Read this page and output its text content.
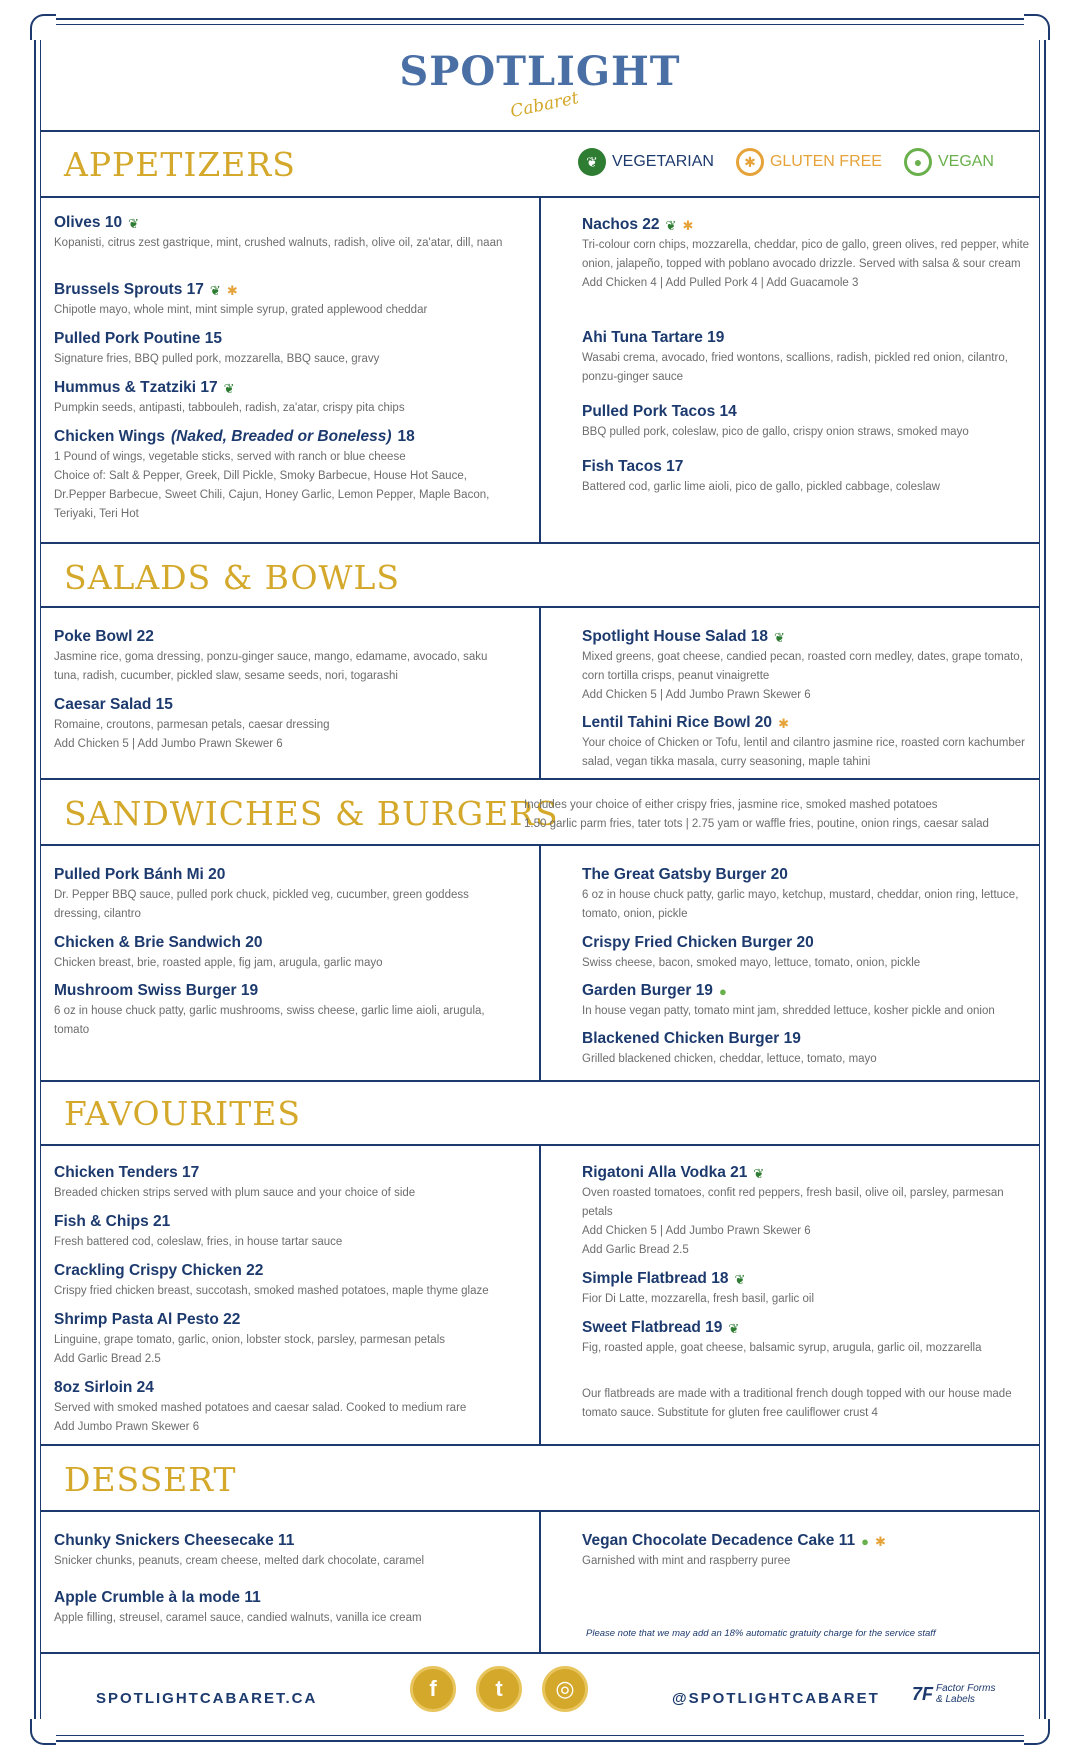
SPOTLIGHT
Cabaret
APPETIZERS
SALADS & BOWLS
SANDWICHES & BURGERS
FAVOURITES
DESSERT
❦ VEGETARIAN	✱ GLUTEN FREE	● VEGAN
Olives 10 ❦
Kopanisti, citrus zest gastrique, mint, crushed walnuts, radish, olive oil, za'atar, dill, naan
Brussels Sprouts 17 ❦ ✱
Chipotle mayo, whole mint, mint simple syrup, grated applewood cheddar
Pulled Pork Poutine 15
Signature fries, BBQ pulled pork, mozzarella, BBQ sauce, gravy
Hummus & Tzatziki 17 ❦
Pumpkin seeds, antipasti, tabbouleh, radish, za'atar, crispy pita chips
Chicken Wings (Naked, Breaded or Boneless) 18
1 Pound of wings, vegetable sticks, served with ranch or blue cheese
Choice of: Salt & Pepper, Greek, Dill Pickle, Smoky Barbecue, House Hot Sauce, Dr.Pepper Barbecue, Sweet Chili, Cajun, Honey Garlic, Lemon Pepper, Maple Bacon, Teriyaki, Teri Hot
Nachos 22 ❦ ✱
Tri-colour corn chips, mozzarella, cheddar, pico de gallo, green olives, red pepper, white onion, jalapeño, topped with poblano avocado drizzle. Served with salsa & sour cream
Add Chicken 4 | Add Pulled Pork 4 | Add Guacamole 3
Ahi Tuna Tartare 19
Wasabi crema, avocado, fried wontons, scallions, radish, pickled red onion, cilantro, ponzu-ginger sauce
Pulled Pork Tacos 14
BBQ pulled pork, coleslaw, pico de gallo, crispy onion straws, smoked mayo
Fish Tacos 17
Battered cod, garlic lime aioli, pico de gallo, pickled cabbage, coleslaw
Poke Bowl 22
Jasmine rice, goma dressing, ponzu-ginger sauce, mango, edamame, avocado, saku tuna, radish, cucumber, pickled slaw, sesame seeds, nori, togarashi
Caesar Salad 15
Romaine, croutons, parmesan petals, caesar dressing
Add Chicken 5 | Add Jumbo Prawn Skewer 6
Spotlight House Salad 18 ❦
Mixed greens, goat cheese, candied pecan, roasted corn medley, dates, grape tomato, corn tortilla crisps, peanut vinaigrette
Add Chicken 5 | Add Jumbo Prawn Skewer 6
Lentil Tahini Rice Bowl 20 ✱
Your choice of Chicken or Tofu, lentil and cilantro jasmine rice, roasted corn kachumber salad, vegan tikka masala, curry seasoning, maple tahini
Includes your choice of either crispy fries, jasmine rice, smoked mashed potatoes
1.50 garlic parm fries, tater tots | 2.75 yam or waffle fries, poutine, onion rings, caesar salad
Pulled Pork Bánh Mi 20
Dr. Pepper BBQ sauce, pulled pork chuck, pickled veg, cucumber, green goddess dressing, cilantro
Chicken & Brie Sandwich 20
Chicken breast, brie, roasted apple, fig jam, arugula, garlic mayo
Mushroom Swiss Burger 19
6 oz in house chuck patty, garlic mushrooms, swiss cheese, garlic lime aioli, arugula, tomato
The Great Gatsby Burger 20
6 oz in house chuck patty, garlic mayo, ketchup, mustard, cheddar, onion ring, lettuce, tomato, onion, pickle
Crispy Fried Chicken Burger 20
Swiss cheese, bacon, smoked mayo, lettuce, tomato, onion, pickle
Garden Burger 19 ●
In house vegan patty, tomato mint jam, shredded lettuce, kosher pickle and onion
Blackened Chicken Burger 19
Grilled blackened chicken, cheddar, lettuce, tomato, mayo
Chicken Tenders 17
Breaded chicken strips served with plum sauce and your choice of side
Fish & Chips 21
Fresh battered cod, coleslaw, fries, in house tartar sauce
Crackling Crispy Chicken 22
Crispy fried chicken breast, succotash, smoked mashed potatoes, maple thyme glaze
Shrimp Pasta Al Pesto 22
Linguine, grape tomato, garlic, onion, lobster stock, parsley, parmesan petals
Add Garlic Bread 2.5
8oz Sirloin 24
Served with smoked mashed potatoes and caesar salad. Cooked to medium rare
Add Jumbo Prawn Skewer 6
Rigatoni Alla Vodka 21 ❦
Oven roasted tomatoes, confit red peppers, fresh basil, olive oil, parsley, parmesan petals
Add Chicken 5 | Add Jumbo Prawn Skewer 6
Add Garlic Bread 2.5
Simple Flatbread 18 ❦
Fior Di Latte, mozzarella, fresh basil, garlic oil
Sweet Flatbread 19 ❦
Fig, roasted apple, goat cheese, balsamic syrup, arugula, garlic oil, mozzarella
Our flatbreads are made with a traditional french dough topped with our house made tomato sauce. Substitute for gluten free cauliflower crust 4
Chunky Snickers Cheesecake 11
Snicker chunks, peanuts, cream cheese, melted dark chocolate, caramel
Apple Crumble à la mode 11
Apple filling, streusel, caramel sauce, candied walnuts, vanilla ice cream
Vegan Chocolate Decadence Cake 11 ● ✱
Garnished with mint and raspberry puree
Please note that we may add an 18% automatic gratuity charge for the service staff
SPOTLIGHTCABARET.CA	f	t	◎	@SPOTLIGHTCABARET 7F Factor Forms
& Labels
